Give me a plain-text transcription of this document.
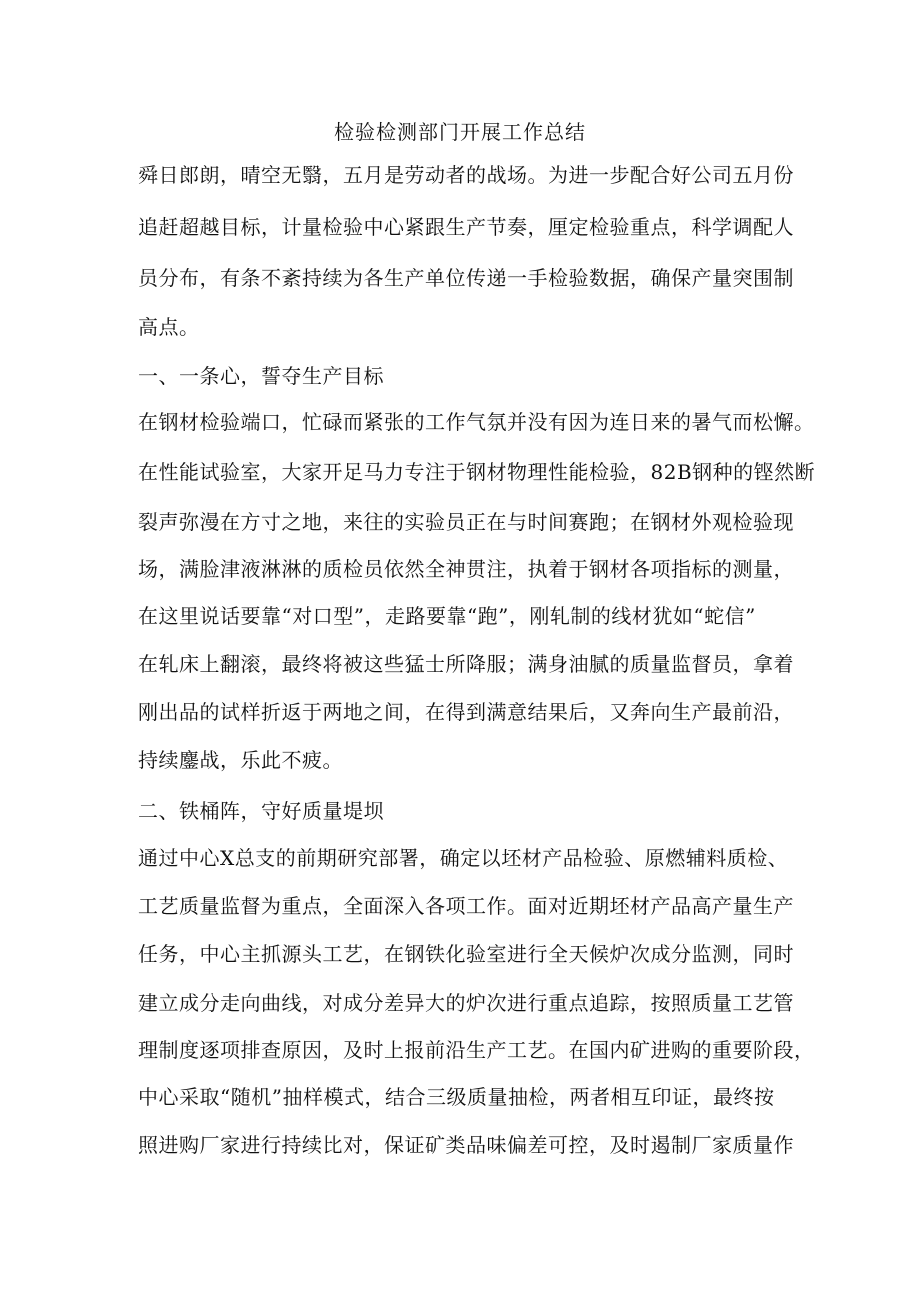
检验检测部门开展工作总结

舜日郎朗，晴空无翳，五月是劳动者的战场。为进一步配合好公司五月份

追赶超越目标，计量检验中心紧跟生产节奏，厘定检验重点，科学调配人

员分布，有条不紊持续为各生产单位传递一手检验数据，确保产量突围制

高点。

一、一条心，誓夺生产目标

在钢材检验端口，忙碌而紧张的工作气氛并没有因为连日来的暑气而松懈。

在性能试验室，大家开足马力专注于钢材物理性能检验，82B钢种的铿然断

裂声弥漫在方寸之地，来往的实验员正在与时间赛跑；在钢材外观检验现

场，满脸津液淋淋的质检员依然全神贯注，执着于钢材各项指标的测量，

在这里说话要靠“对口型”，走路要靠“跑”，刚轧制的线材犹如“蛇信”

在轧床上翻滚，最终将被这些猛士所降服；满身油腻的质量监督员，拿着

刚出品的试样折返于两地之间，在得到满意结果后，又奔向生产最前沿，

持续鏖战，乐此不疲。

二、铁桶阵，守好质量堤坝

通过中心X总支的前期研究部署，确定以坯材产品检验、原燃辅料质检、

工艺质量监督为重点，全面深入各项工作。面对近期坯材产品高产量生产

任务，中心主抓源头工艺，在钢铁化验室进行全天候炉次成分监测，同时

建立成分走向曲线，对成分差异大的炉次进行重点追踪，按照质量工艺管

理制度逐项排查原因，及时上报前沿生产工艺。在国内矿进购的重要阶段，

中心采取“随机”抽样模式，结合三级质量抽检，两者相互印证，最终按

照进购厂家进行持续比对，保证矿类品味偏差可控，及时遏制厂家质量作
